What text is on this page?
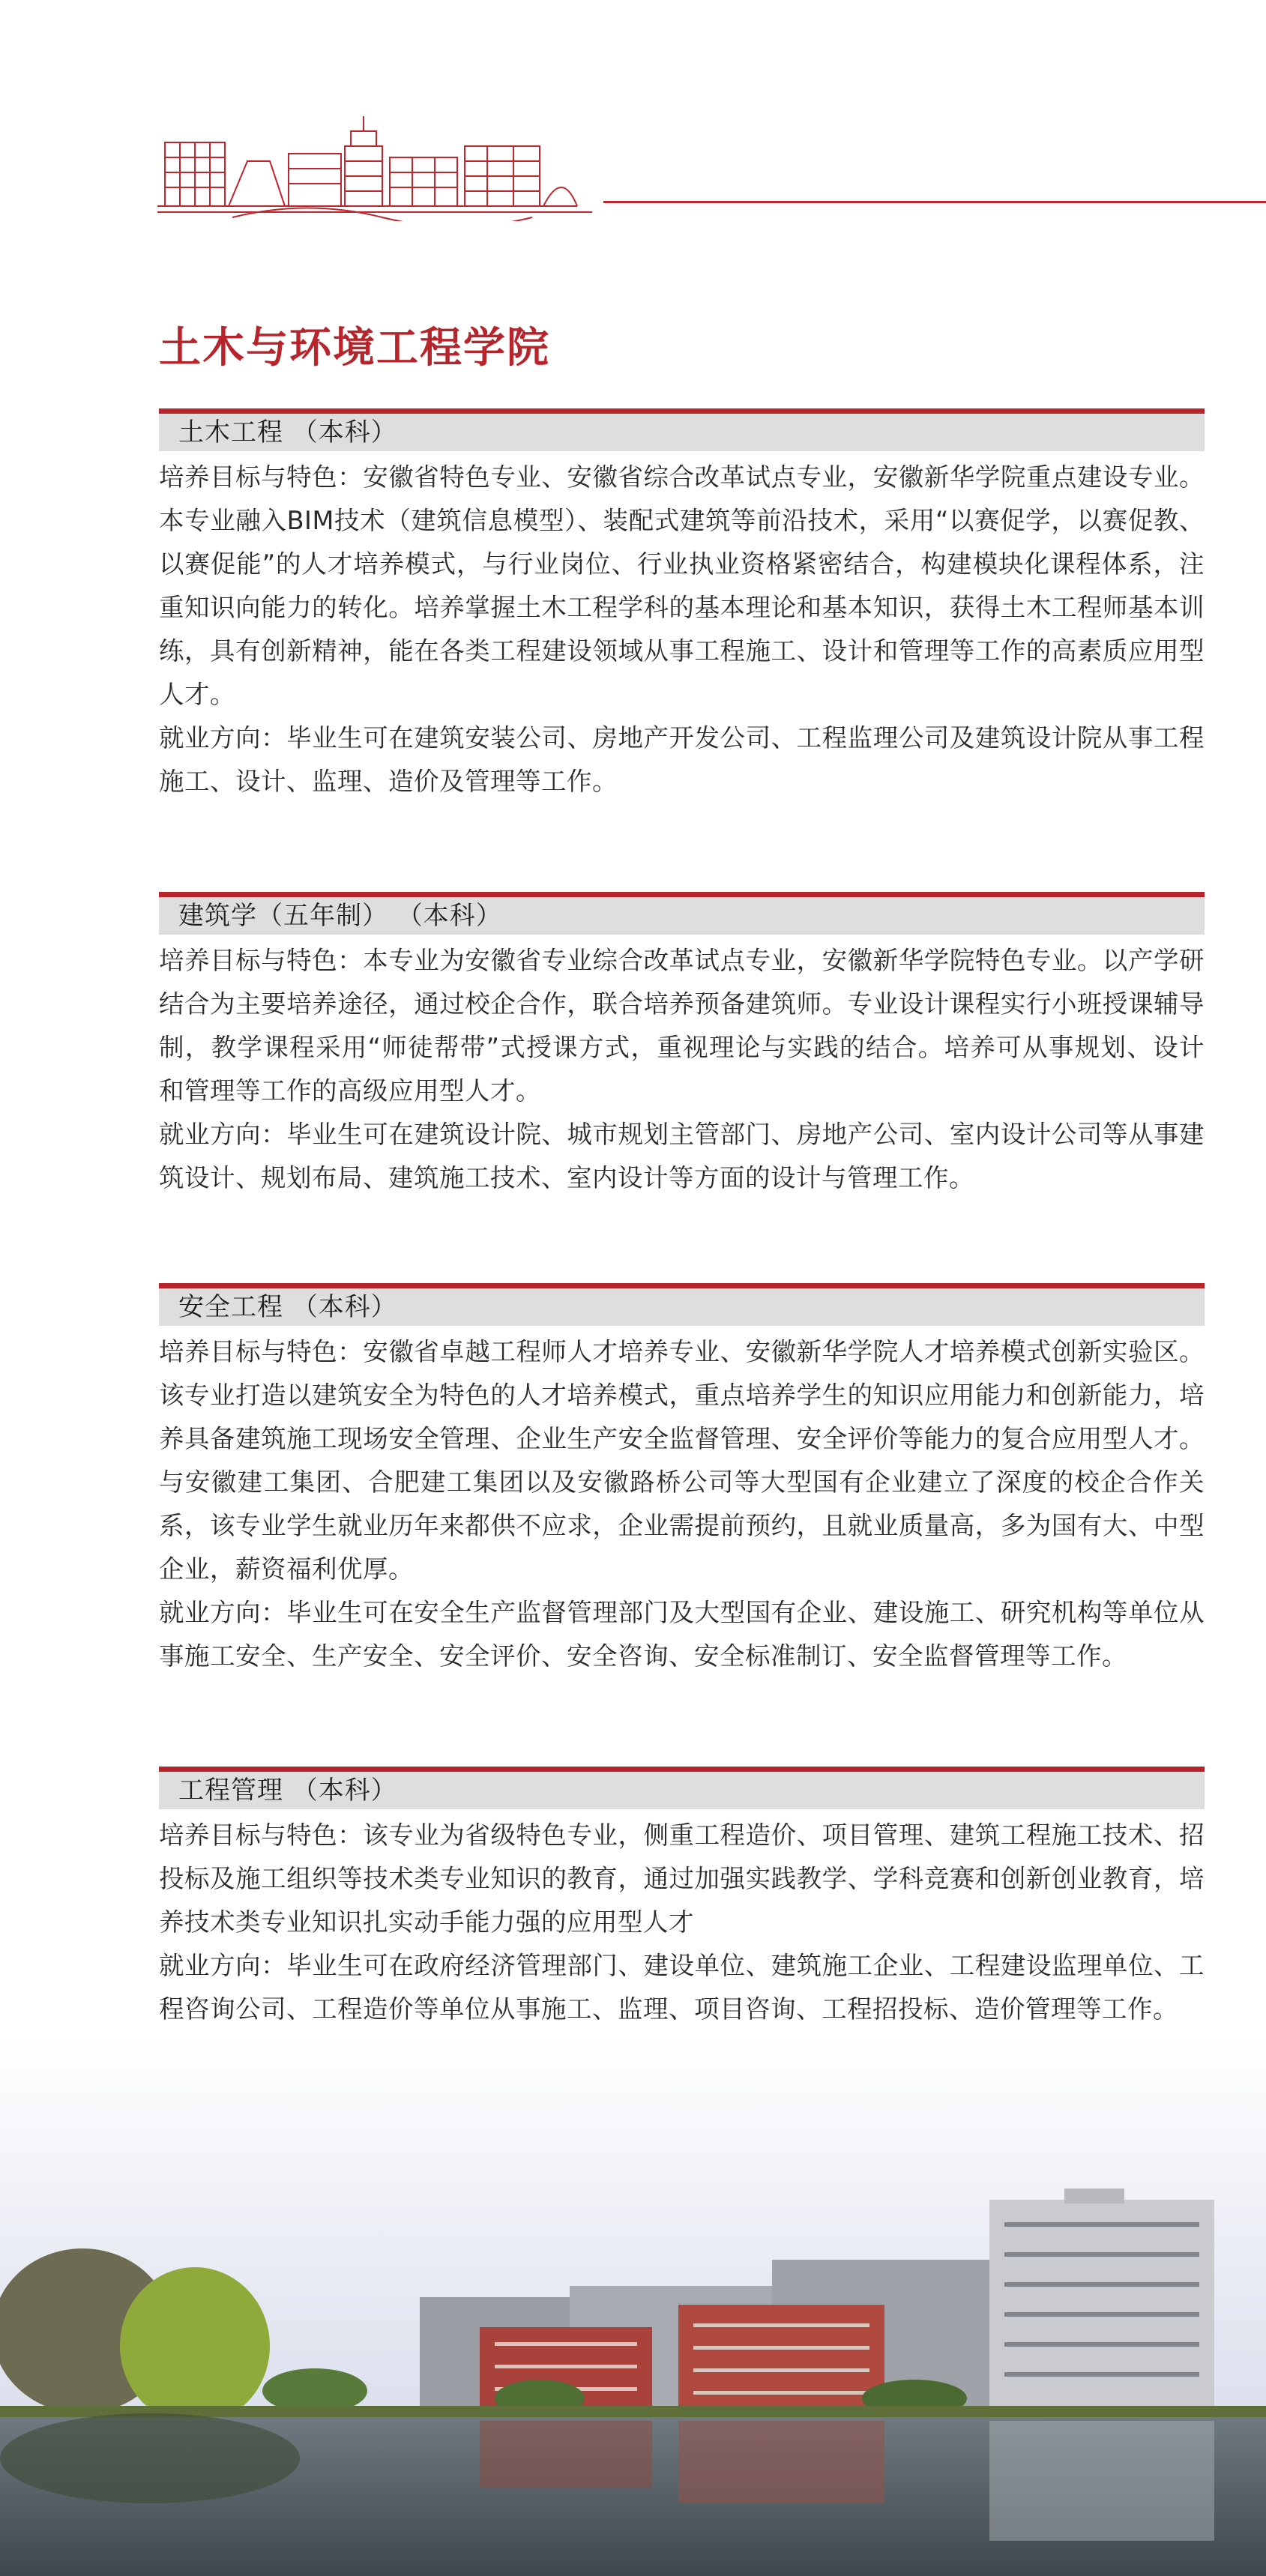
土木与环境工程学院
土木工程 （本科）

培养目标与特色：安徽省特色专业、安徽省综合改革试点专业，安徽新华学院重点建设专业。本专业融入BIM技术（建筑信息模型）、装配式建筑等前沿技术，采用“以赛促学，以赛促教、以赛促能”的人才培养模式，与行业岗位、行业执业资格紧密结合，构建模块化课程体系，注重知识向能力的转化。培养掌握土木工程学科的基本理论和基本知识，获得土木工程师基本训练，具有创新精神，能在各类工程建设领域从事工程施工、设计和管理等工作的高素质应用型人才。

就业方向：毕业生可在建筑安装公司、房地产开发公司、工程监理公司及建筑设计院从事工程施工、设计、监理、造价及管理等工作。

建筑学（五年制） （本科）

培养目标与特色：本专业为安徽省专业综合改革试点专业，安徽新华学院特色专业。以产学研结合为主要培养途径，通过校企合作，联合培养预备建筑师。专业设计课程实行小班授课辅导制，教学课程采用“师徒帮带”式授课方式，重视理论与实践的结合。培养可从事规划、设计和管理等工作的高级应用型人才。

就业方向：毕业生可在建筑设计院、城市规划主管部门、房地产公司、室内设计公司等从事建筑设计、规划布局、建筑施工技术、室内设计等方面的设计与管理工作。

安全工程 （本科）

培养目标与特色：安徽省卓越工程师人才培养专业、安徽新华学院人才培养模式创新实验区。该专业打造以建筑安全为特色的人才培养模式，重点培养学生的知识应用能力和创新能力，培养具备建筑施工现场安全管理、企业生产安全监督管理、安全评价等能力的复合应用型人才。与安徽建工集团、合肥建工集团以及安徽路桥公司等大型国有企业建立了深度的校企合作关系，该专业学生就业历年来都供不应求，企业需提前预约，且就业质量高，多为国有大、中型企业，薪资福利优厚。

就业方向：毕业生可在安全生产监督管理部门及大型国有企业、建设施工、研究机构等单位从事施工安全、生产安全、安全评价、安全咨询、安全标准制订、安全监督管理等工作。

工程管理 （本科）

培养目标与特色：该专业为省级特色专业，侧重工程造价、项目管理、建筑工程施工技术、招投标及施工组织等技术类专业知识的教育，通过加强实践教学、学科竞赛和创新创业教育，培养技术类专业知识扎实动手能力强的应用型人才

就业方向：毕业生可在政府经济管理部门、建设单位、建筑施工企业、工程建设监理单位、工程咨询公司、工程造价等单位从事施工、监理、项目咨询、工程招投标、造价管理等工作。
